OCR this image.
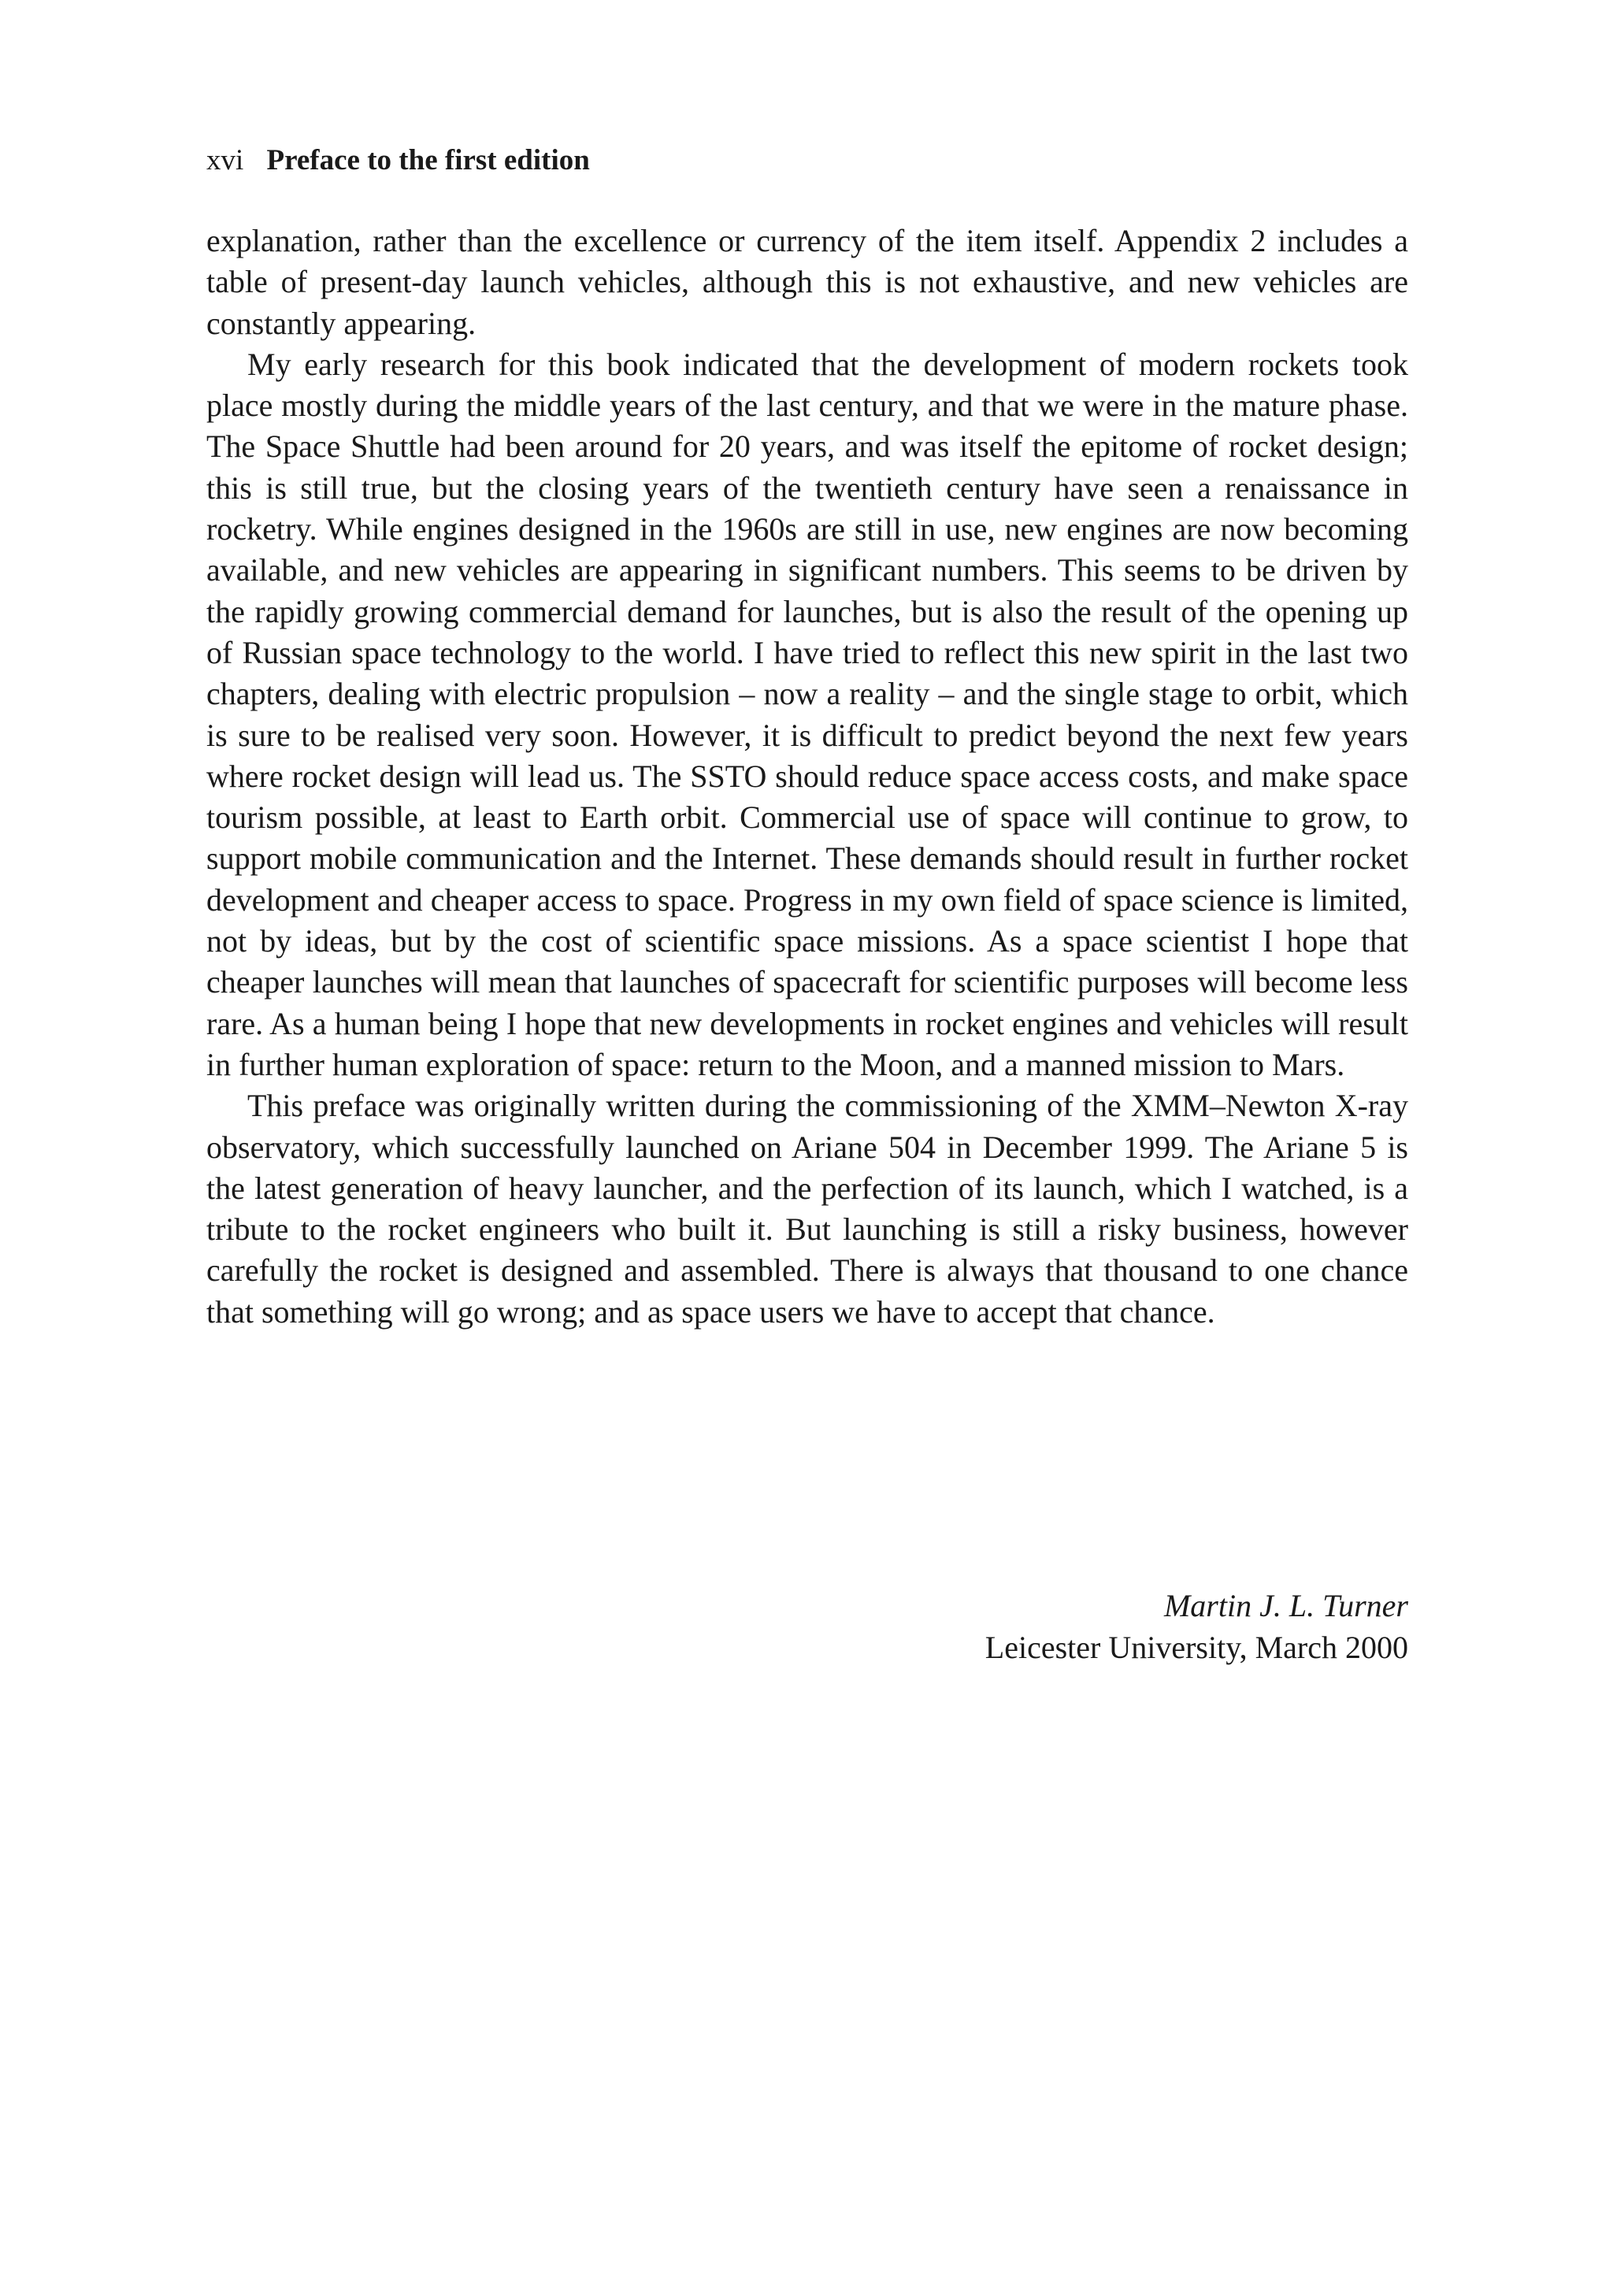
xvi Preface to the first edition

explanation, rather than the excellence or currency of the item itself. Appendix 2 includes a table of present-day launch vehicles, although this is not exhaustive, and new vehicles are constantly appearing.

My early research for this book indicated that the development of modern rockets took place mostly during the middle years of the last century, and that we were in the mature phase. The Space Shuttle had been around for 20 years, and was itself the epitome of rocket design; this is still true, but the closing years of the twentieth century have seen a renaissance in rocketry. While engines designed in the 1960s are still in use, new engines are now becoming available, and new vehicles are appearing in significant numbers. This seems to be driven by the rapidly growing commercial demand for launches, but is also the result of the opening up of Russian space technology to the world. I have tried to reflect this new spirit in the last two chapters, dealing with electric propulsion – now a reality – and the single stage to orbit, which is sure to be realised very soon. However, it is difficult to predict beyond the next few years where rocket design will lead us. The SSTO should reduce space access costs, and make space tourism possible, at least to Earth orbit. Commercial use of space will continue to grow, to support mobile communication and the Internet. These demands should result in further rocket development and cheaper access to space. Progress in my own field of space science is limited, not by ideas, but by the cost of scientific space missions. As a space scientist I hope that cheaper launches will mean that launches of spacecraft for scientific purposes will become less rare. As a human being I hope that new developments in rocket engines and vehicles will result in further human exploration of space: return to the Moon, and a manned mission to Mars.

This preface was originally written during the commissioning of the XMM–Newton X-ray observatory, which successfully launched on Ariane 504 in December 1999. The Ariane 5 is the latest generation of heavy launcher, and the perfection of its launch, which I watched, is a tribute to the rocket engineers who built it. But launching is still a risky business, however carefully the rocket is designed and assembled. There is always that thousand to one chance that something will go wrong; and as space users we have to accept that chance.

Martin J. L. Turner
Leicester University, March 2000
